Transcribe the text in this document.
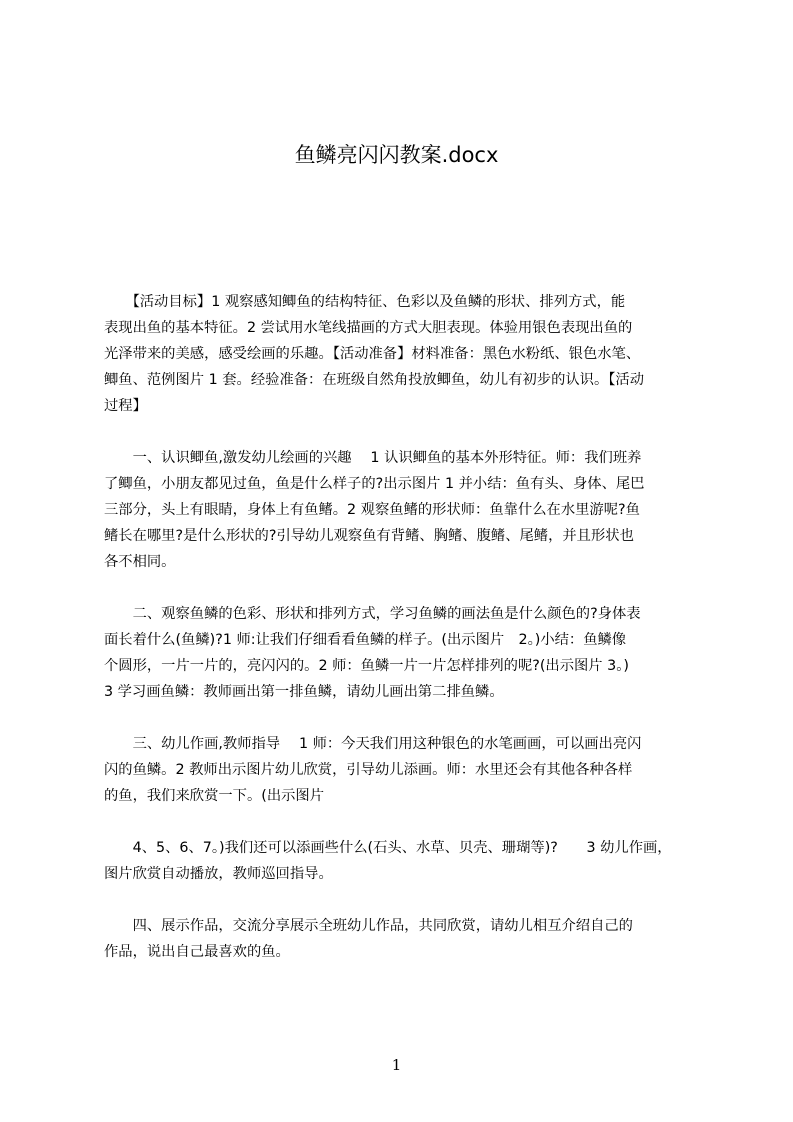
鱼鳞亮闪闪教案.docx

　　【活动目标】1 观察感知鲫鱼的结构特征、色彩以及鱼鳞的形状、排列方式，能
表现出鱼的基本特征。2 尝试用水笔线描画的方式大胆表现。体验用银色表现出鱼的
光泽带来的美感，感受绘画的乐趣。【活动准备】材料准备：黑色水粉纸、银色水笔、
鲫鱼、范例图片 1 套。经验准备：在班级自然角投放鲫鱼，幼儿有初步的认识。【活动
过程】

　　一、认识鲫鱼,激发幼儿绘画的兴趣　 1 认识鲫鱼的基本外形特征。师：我们班养
了鲫鱼，小朋友都见过鱼，鱼是什么样子的?出示图片 1 并小结：鱼有头、身体、尾巴
三部分，头上有眼睛，身体上有鱼鳍。2 观察鱼鳍的形状师：鱼靠什么在水里游呢?鱼
鳍长在哪里?是什么形状的?引导幼儿观察鱼有背鳍、胸鳍、腹鳍、尾鳍，并且形状也
各不相同。

　　二、观察鱼鳞的色彩、形状和排列方式，学习鱼鳞的画法鱼是什么颜色的?身体表
面长着什么(鱼鳞)?1 师:让我们仔细看看鱼鳞的样子。(出示图片　2。)小结：鱼鳞像
个圆形，一片一片的，亮闪闪的。2 师：鱼鳞一片一片怎样排列的呢?(出示图片 3。)
3 学习画鱼鳞：教师画出第一排鱼鳞，请幼儿画出第二排鱼鳞。

　　三、幼儿作画,教师指导　 1 师：今天我们用这种银色的水笔画画，可以画出亮闪
闪的鱼鳞。2 教师出示图片幼儿欣赏，引导幼儿添画。师：水里还会有其他各种各样
的鱼，我们来欣赏一下。(出示图片

　　4、5、6、7。)我们还可以添画些什么(石头、水草、贝壳、珊瑚等)?　　3 幼儿作画，
图片欣赏自动播放，教师巡回指导。

　　四、展示作品，交流分享展示全班幼儿作品，共同欣赏，请幼儿相互介绍自己的
作品，说出自己最喜欢的鱼。

1
